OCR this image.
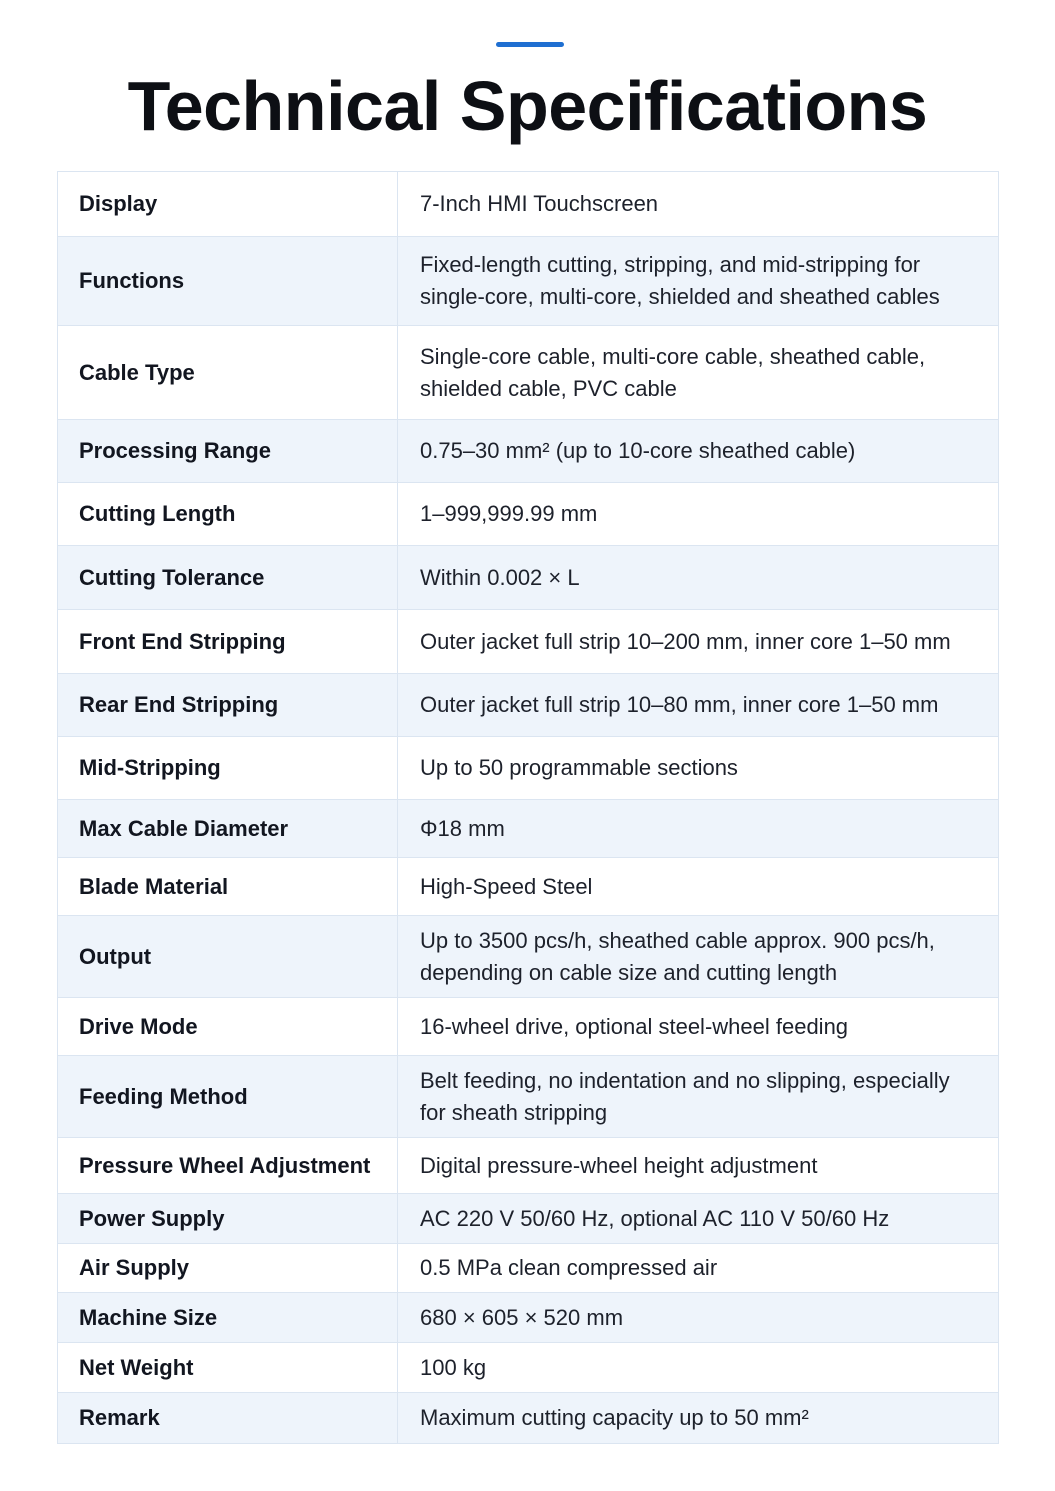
Technical Specifications
Display	7-Inch HMI Touchscreen
Functions	Fixed-length cutting, stripping, and mid-stripping for single-core, multi-core, shielded and sheathed cables
Cable Type	Single-core cable, multi-core cable, sheathed cable, shielded cable, PVC cable
Processing Range	0.75–30 mm² (up to 10-core sheathed cable)
Cutting Length	1–999,999.99 mm
Cutting Tolerance	Within 0.002 × L
Front End Stripping	Outer jacket full strip 10–200 mm, inner core 1–50 mm
Rear End Stripping	Outer jacket full strip 10–80 mm, inner core 1–50 mm
Mid-Stripping	Up to 50 programmable sections
Max Cable Diameter	Φ18 mm
Blade Material	High-Speed Steel
Output	Up to 3500 pcs/h, sheathed cable approx. 900 pcs/h, depending on cable size and cutting length
Drive Mode	16-wheel drive, optional steel-wheel feeding
Feeding Method	Belt feeding, no indentation and no slipping, especially for sheath stripping
Pressure Wheel Adjustment	Digital pressure-wheel height adjustment
Power Supply	AC 220 V 50/60 Hz, optional AC 110 V 50/60 Hz
Air Supply	0.5 MPa clean compressed air
Machine Size	680 × 605 × 520 mm
Net Weight	100 kg
Remark	Maximum cutting capacity up to 50 mm²
